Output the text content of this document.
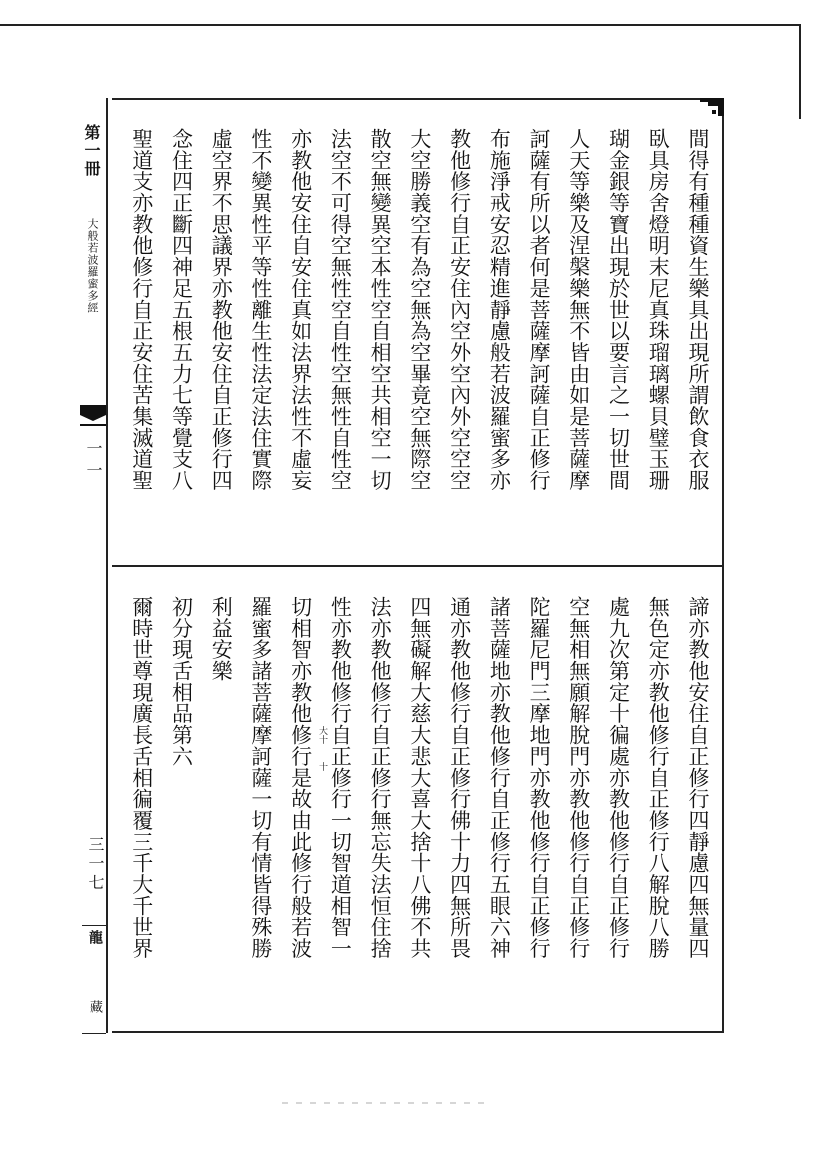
第一冊
大般若波羅蜜多經
一一
三一七
龍
藏
間得有種種資生樂具出現所謂飲食衣服
臥具房舍燈明末尼真珠瑠璃螺貝璧玉珊
瑚金銀等寶出現於世以要言之一切世間
人天等樂及涅槃樂無不皆由如是菩薩摩
訶薩有所以者何是菩薩摩訶薩自正修行
布施淨戒安忍精進靜慮般若波羅蜜多亦
教他修行自正安住內空外空內外空空空
大空勝義空有為空無為空畢竟空無際空
散空無變異空本性空自相空共相空一切
法空不可得空無性空自性空無性自性空
亦教他安住自安住真如法界法性不虛妄
性不變異性平等性離生性法定法住實際
虛空界不思議界亦教他安住自正修行四
念住四正斷四神足五根五力七等覺支八
聖道支亦教他修行自正安住苦集滅道聖
諦亦教他安住自正修行四靜慮四無量四
無色定亦教他修行自正修行八解脫八勝
處九次第定十徧處亦教他修行自正修行
空無相無願解脫門亦教他修行自正修行
陀羅尼門三摩地門亦教他修行自正修行
諸菩薩地亦教他修行自正修行五眼六神
通亦教他修行自正修行佛十力四無所畏
四無礙解大慈大悲大喜大捨十八佛不共
法亦教他修行自正修行無忘失法恒住捨
性亦教他修行自正修行一切智道相智一
切相智亦教他修行是故由此修行般若波
羅蜜多諸菩薩摩訶薩一切有情皆得殊勝
利益安樂
初分現舌相品第六
爾時世尊現廣長舌相徧覆三千大千世界	大十
十
